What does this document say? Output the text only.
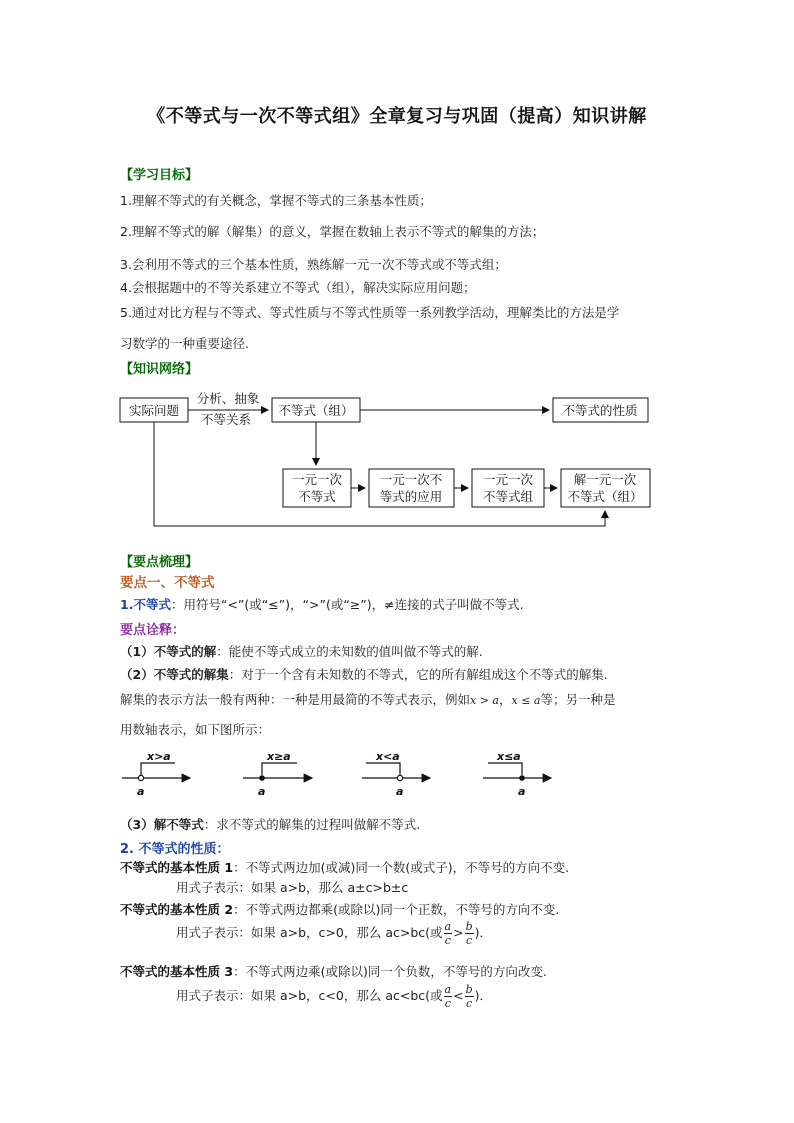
《不等式与一次不等式组》全章复习与巩固（提高）知识讲解
【学习目标】
1.理解不等式的有关概念，掌握不等式的三条基本性质；
2.理解不等式的解（解集）的意义，掌握在数轴上表示不等式的解集的方法；
3.会利用不等式的三个基本性质，熟练解一元一次不等式或不等式组；
4.会根据题中的不等关系建立不等式（组），解决实际应用问题；
5.通过对比方程与不等式、等式性质与不等式性质等一系列教学活动，理解类比的方法是学
习数学的一种重要途径.
【知识网络】
实际问题
分析、抽象
不等关系
不等式（组）	不等式的性质
一元一次
不等式
一元一次不
等式的应用
一元一次
不等式组
解一元一次
不等式（组）
【要点梳理】
要点一、不等式
1.不等式：用符号“<”(或“≤”)，“>”(或“≥”)，≠连接的式子叫做不等式.
要点诠释：
（1）不等式的解：能使不等式成立的未知数的值叫做不等式的解.
（2）不等式的解集：对于一个含有未知数的不等式，它的所有解组成这个不等式的解集.
解集的表示方法一般有两种：一种是用最简的不等式表示，例如x > a，x ≤ a等；另一种是
用数轴表示，如下图所示：
x>a	x≥a	x<a	x≤a
a	a	a	a
（3）解不等式：求不等式的解集的过程叫做解不等式.
2. 不等式的性质：
不等式的基本性质 1：不等式两边加(或减)同一个数(或式子)，不等号的方向不变.
用式子表示：如果 a>b，那么 a±c>b±c
不等式的基本性质 2：不等式两边都乘(或除以)同一个正数，不等号的方向不变.
用式子表示：如果 a>b，c>0，那么 ac>bc(或 $\frac{a}{c} > \frac{b}{c}$ )．
不等式的基本性质 3：不等式两边乘(或除以)同一个负数，不等号的方向改变.
用式子表示：如果 a>b，c<0，那么 ac<bc(或 $\frac{a}{c} < \frac{b}{c}$ )．
